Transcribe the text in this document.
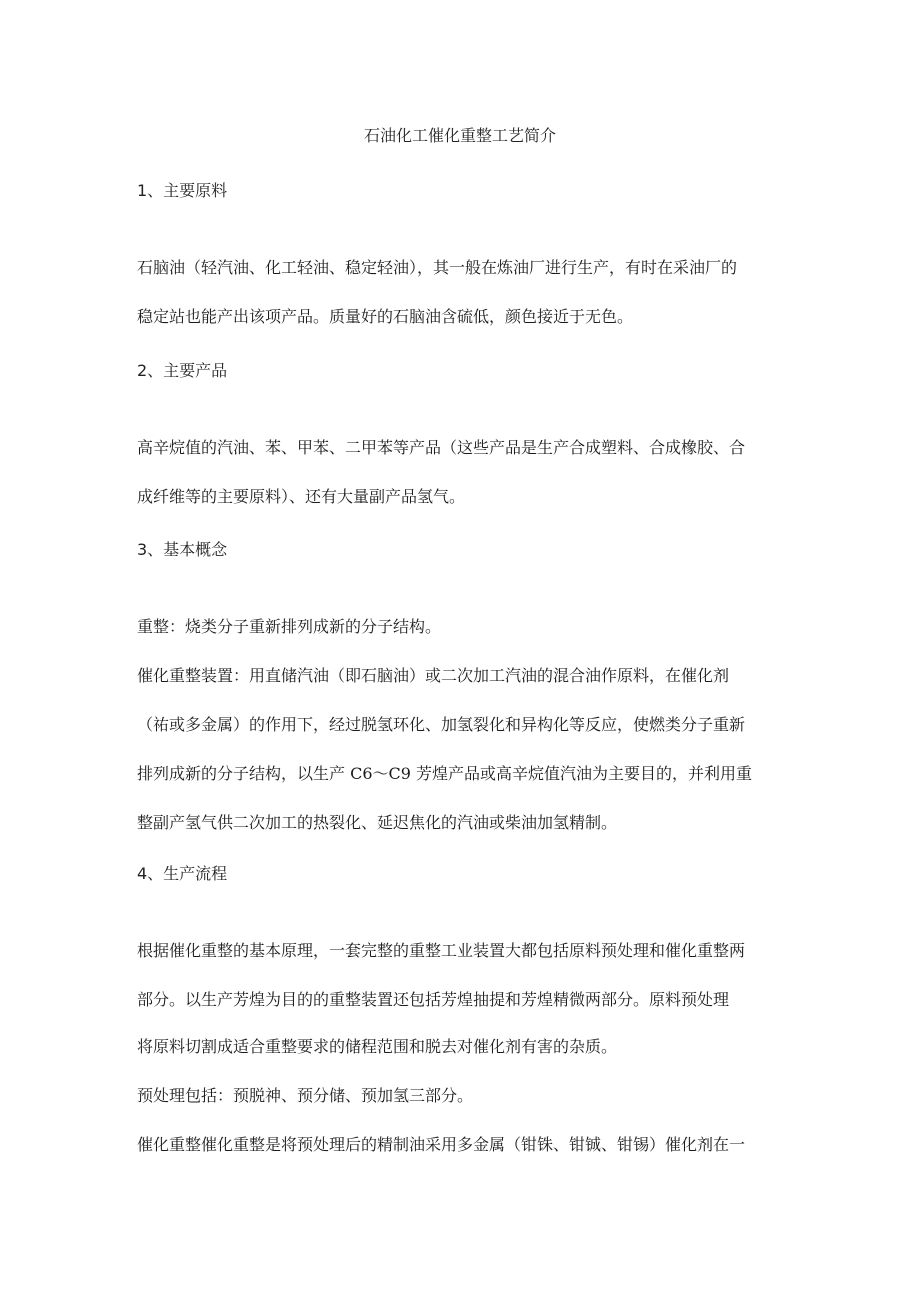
石油化工催化重整工艺简介
1、主要原料
石脑油（轻汽油、化工轻油、稳定轻油），其一般在炼油厂进行生产，有时在采油厂的
稳定站也能产出该项产品。质量好的石脑油含硫低，颜色接近于无色。
2、主要产品
高辛烷值的汽油、苯、甲苯、二甲苯等产品（这些产品是生产合成塑料、合成橡胶、合
成纤维等的主要原料）、还有大量副产品氢气。
3、基本概念
重整：烧类分子重新排列成新的分子结构。
催化重整装置：用直储汽油（即石脑油）或二次加工汽油的混合油作原料，在催化剂
（祐或多金属）的作用下，经过脱氢环化、加氢裂化和异构化等反应，使燃类分子重新
排列成新的分子结构，以生产 C6～C9 芳煌产品或高辛烷值汽油为主要目的，并利用重
整副产氢气供二次加工的热裂化、延迟焦化的汽油或柴油加氢精制。
4、生产流程
根据催化重整的基本原理，一套完整的重整工业装置大都包括原料预处理和催化重整两
部分。以生产芳煌为目的的重整装置还包括芳煌抽提和芳煌精微两部分。原料预处理
将原料切割成适合重整要求的储程范围和脱去对催化剂有害的杂质。
预处理包括：预脱神、预分储、预加氢三部分。
催化重整催化重整是将预处理后的精制油采用多金属（钳铢、钳铖、钳锡）催化剂在一
